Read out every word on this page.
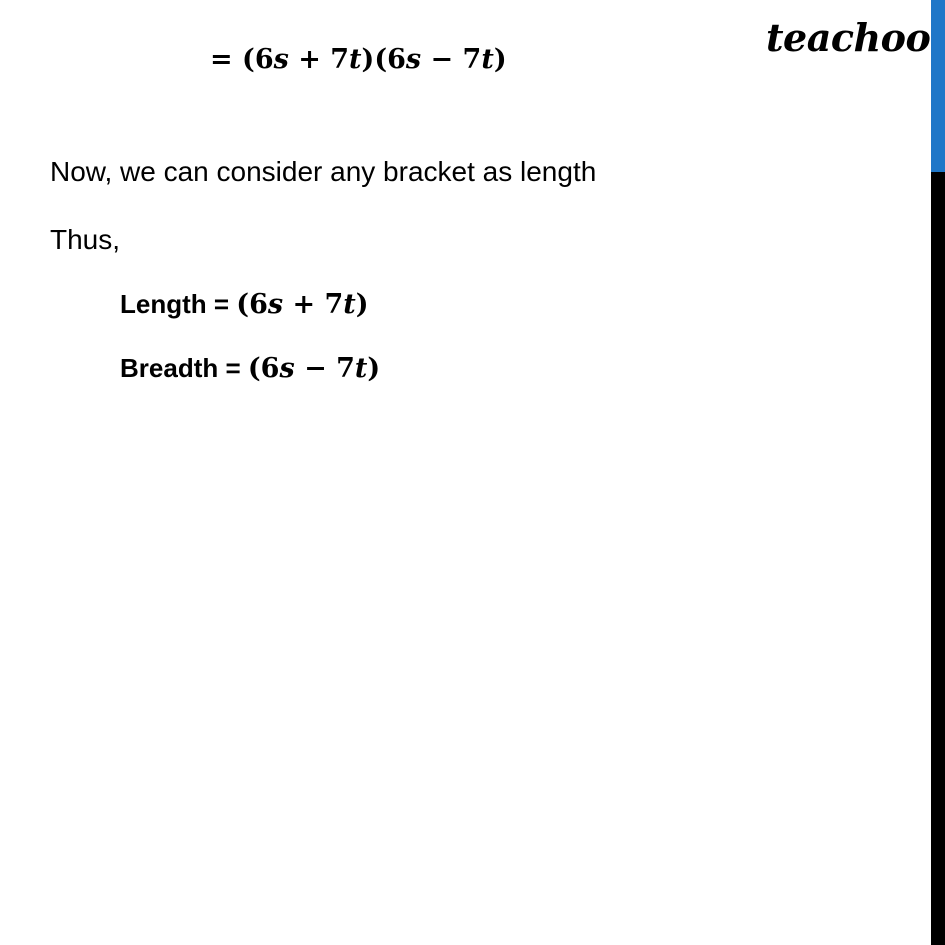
teachoo
= (6s + 7t)(6s − 7t)
Now, we can consider any bracket as length
Thus,
Length = (6s + 7t)
Breadth = (6s − 7t)
